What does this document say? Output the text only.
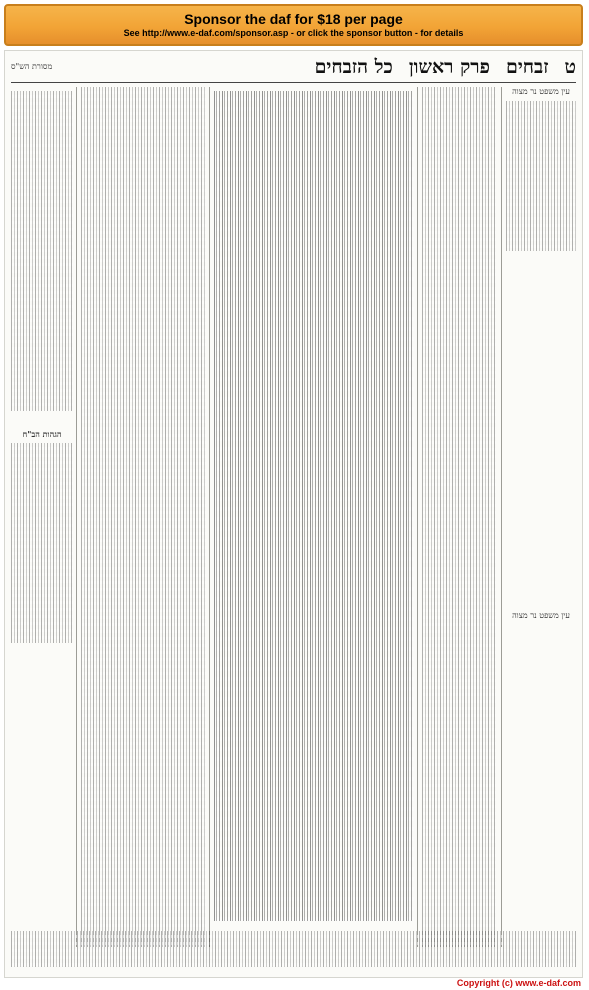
Sponsor the daf for $18 per page
See http://www.e-daf.com/sponsor.asp - or click the sponsor button - for details
ט
זבחים
פרק ראשון
כל הזבחים
מסורת הש"ס
עין משפט נר מצוה
עין משפט נר מצוה
הגהות הב"ח
Copyright (c) www.e-daf.com
